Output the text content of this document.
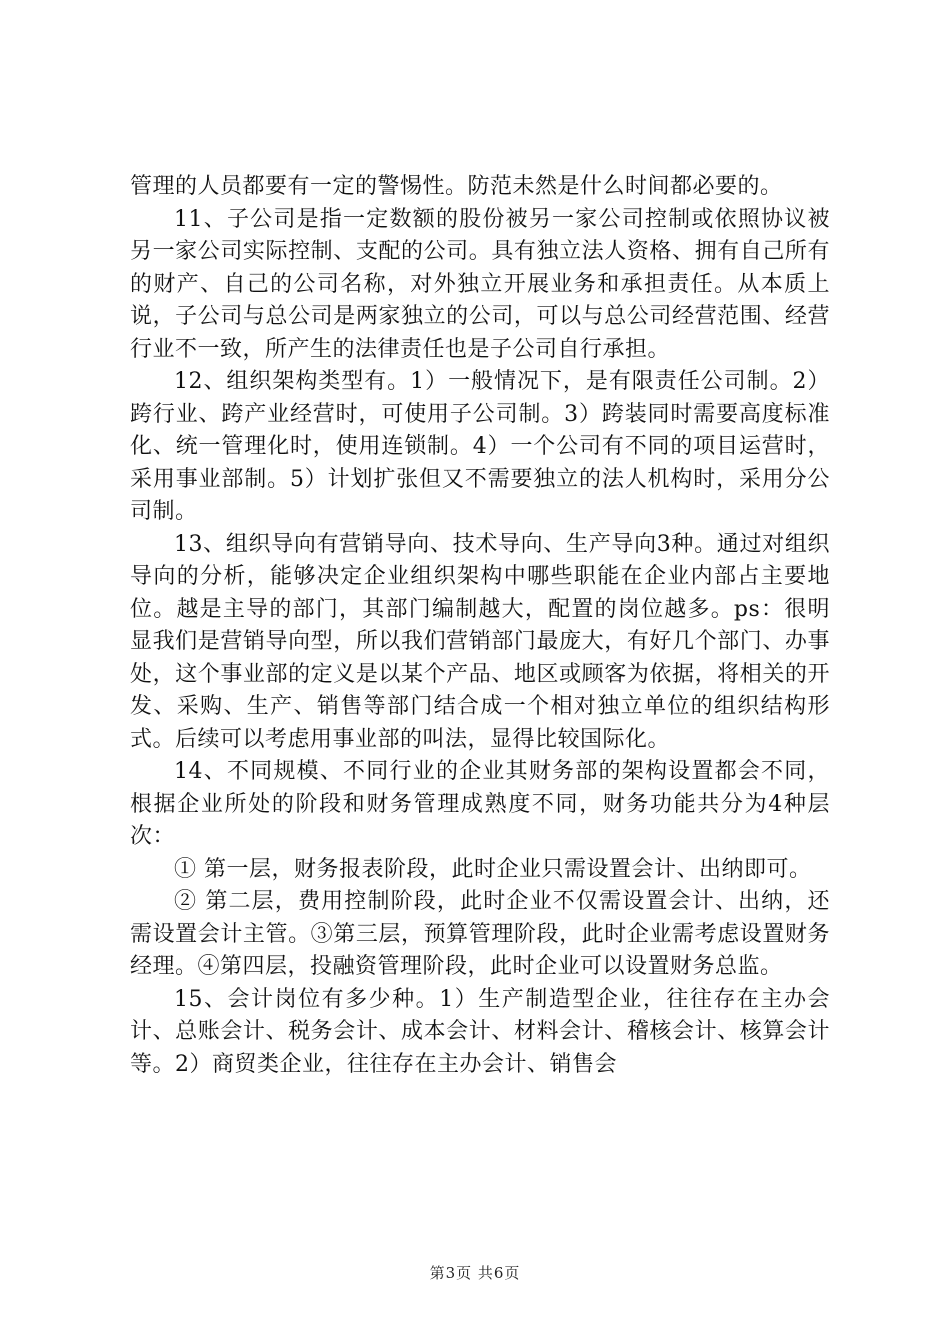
管理的人员都要有一定的警惕性。防范未然是什么时间都必要的。

11、子公司是指一定数额的股份被另一家公司控制或依照协议被另一家公司实际控制、支配的公司。具有独立法人资格、拥有自己所有的财产、自己的公司名称，对外独立开展业务和承担责任。从本质上说，子公司与总公司是两家独立的公司，可以与总公司经营范围、经营行业不一致，所产生的法律责任也是子公司自行承担。

12、组织架构类型有。1）一般情况下，是有限责任公司制。2）跨行业、跨产业经营时，可使用子公司制。3）跨装同时需要高度标准化、统一管理化时，使用连锁制。4）一个公司有不同的项目运营时，采用事业部制。5）计划扩张但又不需要独立的法人机构时，采用分公司制。

13、组织导向有营销导向、技术导向、生产导向3种。通过对组织导向的分析，能够决定企业组织架构中哪些职能在企业内部占主要地位。越是主导的部门，其部门编制越大，配置的岗位越多。ps：很明显我们是营销导向型，所以我们营销部门最庞大，有好几个部门、办事处，这个事业部的定义是以某个产品、地区或顾客为依据，将相关的开发、采购、生产、销售等部门结合成一个相对独立单位的组织结构形式。后续可以考虑用事业部的叫法，显得比较国际化。

14、不同规模、不同行业的企业其财务部的架构设置都会不同，根据企业所处的阶段和财务管理成熟度不同，财务功能共分为4种层次：

① 第一层，财务报表阶段，此时企业只需设置会计、出纳即可。

② 第二层，费用控制阶段，此时企业不仅需设置会计、出纳，还需设置会计主管。③第三层，预算管理阶段，此时企业需考虑设置财务经理。④第四层，投融资管理阶段，此时企业可以设置财务总监。

15、会计岗位有多少种。1）生产制造型企业，往往存在主办会计、总账会计、税务会计、成本会计、材料会计、稽核会计、核算会计等。2）商贸类企业，往往存在主办会计、销售会

第3页 共6页
